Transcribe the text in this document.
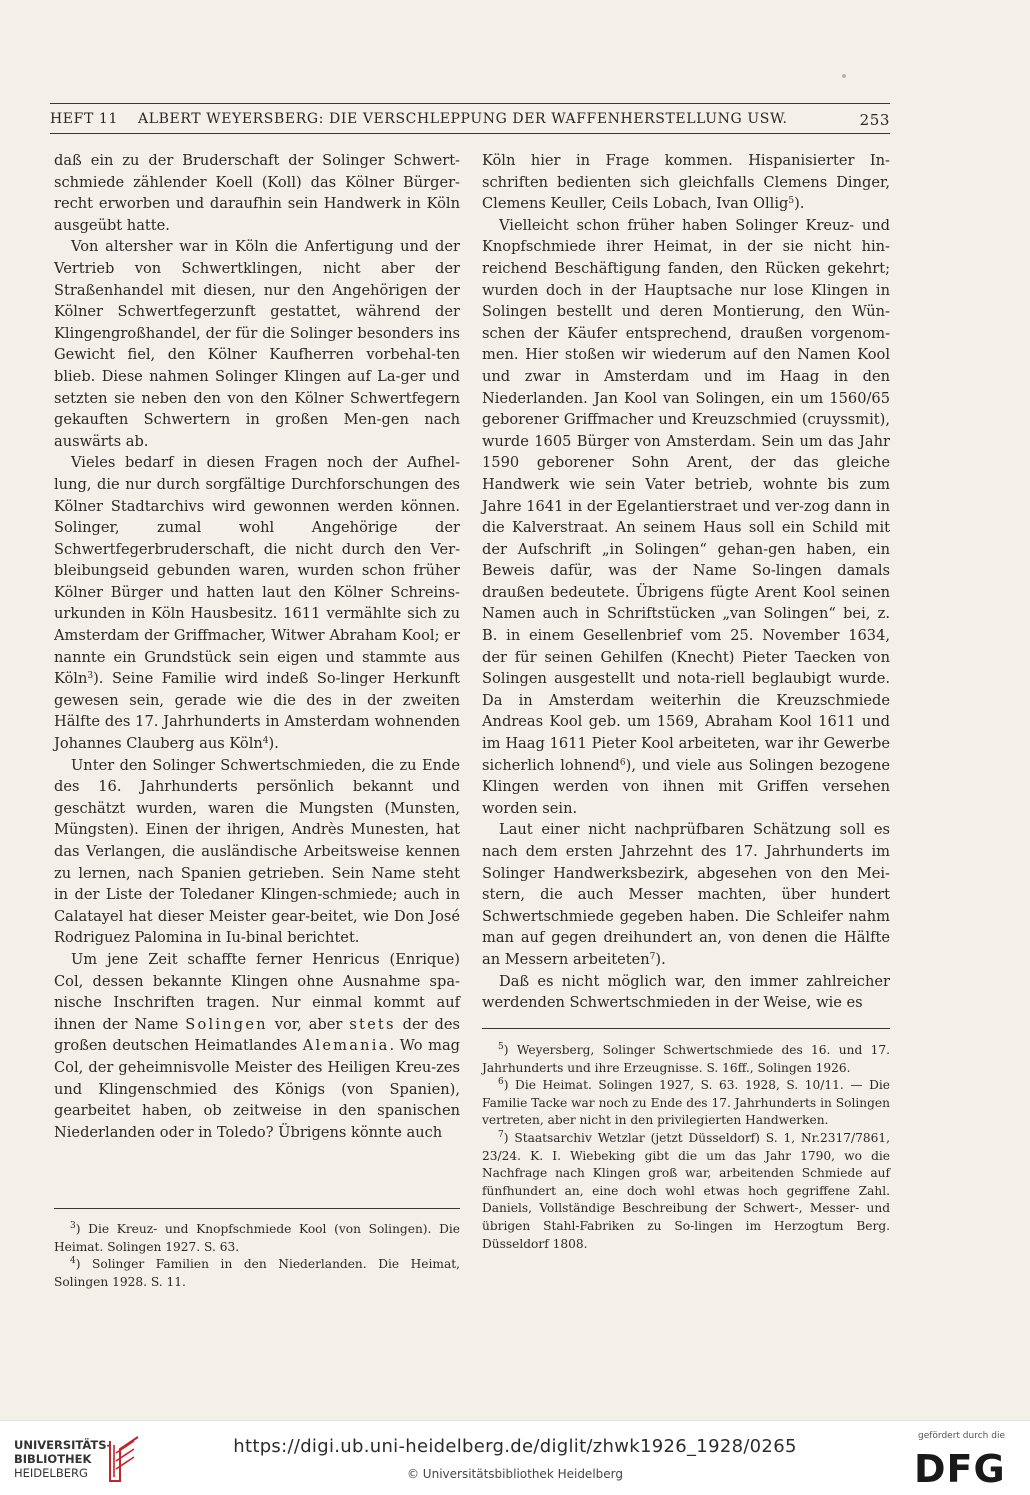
HEFT 11 ALBERT WEYERSBERG: DIE VERSCHLEPPUNG DER WAFFENHERSTELLUNG USW.	253

daß ein zu der Bruderschaft der Solinger Schwert-schmiede zählender Koell (Koll) das Kölner Bürger-recht erworben und daraufhin sein Handwerk in Köln ausgeübt hatte.

Von altersher war in Köln die Anfertigung und der Vertrieb von Schwertklingen, nicht aber der Straßenhandel mit diesen, nur den Angehörigen der Kölner Schwertfegerzunft gestattet, während der Klingengroßhandel, der für die Solinger besonders ins Gewicht fiel, den Kölner Kaufherren vorbehal-ten blieb. Diese nahmen Solinger Klingen auf La-ger und setzten sie neben den von den Kölner Schwertfegern gekauften Schwertern in großen Men-gen nach auswärts ab.

Vieles bedarf in diesen Fragen noch der Aufhel-lung, die nur durch sorgfältige Durchforschungen des Kölner Stadtarchivs wird gewonnen werden können. Solinger, zumal wohl Angehörige der Schwertfegerbruderschaft, die nicht durch den Ver-bleibungseid gebunden waren, wurden schon früher Kölner Bürger und hatten laut den Kölner Schreins-urkunden in Köln Hausbesitz. 1611 vermählte sich zu Amsterdam der Griffmacher, Witwer Abraham Kool; er nannte ein Grundstück sein eigen und stammte aus Köln$^3$). Seine Familie wird indeß So-linger Herkunft gewesen sein, gerade wie die des in der zweiten Hälfte des 17. Jahrhunderts in Amsterdam wohnenden Johannes Clauberg aus Köln$^4$).

Unter den Solinger Schwertschmieden, die zu Ende des 16. Jahrhunderts persönlich bekannt und geschätzt wurden, waren die Mungsten (Munsten, Müngsten). Einen der ihrigen, Andrès Munesten, hat das Verlangen, die ausländische Arbeitsweise kennen zu lernen, nach Spanien getrieben. Sein Name steht in der Liste der Toledaner Klingen-schmiede; auch in Calatayel hat dieser Meister gear-beitet, wie Don José Rodriguez Palomina in Iu-binal berichtet.

Um jene Zeit schaffte ferner Henricus (Enrique) Col, dessen bekannte Klingen ohne Ausnahme spa-nische Inschriften tragen. Nur einmal kommt auf ihnen der Name Solingen vor, aber stets der des großen deutschen Heimatlandes Alemania. Wo mag Col, der geheimnisvolle Meister des Heiligen Kreu-zes und Klingenschmied des Königs (von Spanien), gearbeitet haben, ob zeitweise in den spanischen Niederlanden oder in Toledo? Übrigens könnte auch

Köln hier in Frage kommen. Hispanisierter In-schriften bedienten sich gleichfalls Clemens Dinger, Clemens Keuller, Ceils Lobach, Ivan Ollig$^5$).

Vielleicht schon früher haben Solinger Kreuz- und Knopfschmiede ihrer Heimat, in der sie nicht hin-reichend Beschäftigung fanden, den Rücken gekehrt; wurden doch in der Hauptsache nur lose Klingen in Solingen bestellt und deren Montierung, den Wün-schen der Käufer entsprechend, draußen vorgenom-men. Hier stoßen wir wiederum auf den Namen Kool und zwar in Amsterdam und im Haag in den Niederlanden. Jan Kool van Solingen, ein um 1560/65 geborener Griffmacher und Kreuzschmied (cruyssmit), wurde 1605 Bürger von Amsterdam. Sein um das Jahr 1590 geborener Sohn Arent, der das gleiche Handwerk wie sein Vater betrieb, wohnte bis zum Jahre 1641 in der Egelantierstraet und ver-zog dann in die Kalverstraat. An seinem Haus soll ein Schild mit der Aufschrift „in Solingen“ gehan-gen haben, ein Beweis dafür, was der Name So-lingen damals draußen bedeutete. Übrigens fügte Arent Kool seinen Namen auch in Schriftstücken „van Solingen“ bei, z. B. in einem Gesellenbrief vom 25. November 1634, der für seinen Gehilfen (Knecht) Pieter Taecken von Solingen ausgestellt und nota-riell beglaubigt wurde. Da in Amsterdam weiterhin die Kreuzschmiede Andreas Kool geb. um 1569, Abraham Kool 1611 und im Haag 1611 Pieter Kool arbeiteten, war ihr Gewerbe sicherlich lohnend$^6$), und viele aus Solingen bezogene Klingen werden von ihnen mit Griffen versehen worden sein.

Laut einer nicht nachprüfbaren Schätzung soll es nach dem ersten Jahrzehnt des 17. Jahrhunderts im Solinger Handwerksbezirk, abgesehen von den Mei-stern, die auch Messer machten, über hundert Schwertschmiede gegeben haben. Die Schleifer nahm man auf gegen dreihundert an, von denen die Hälfte an Messern arbeiteten$^7$).

Daß es nicht möglich war, den immer zahlreicher werdenden Schwertschmieden in der Weise, wie es

$^3$) Die Kreuz- und Knopfschmiede Kool (von Solingen). Die Heimat. Solingen 1927. S. 63.

$^4$) Solinger Familien in den Niederlanden. Die Heimat, Solingen 1928. S. 11.

$^5$) Weyersberg, Solinger Schwertschmiede des 16. und 17. Jahrhunderts und ihre Erzeugnisse. S. 16ff., Solingen 1926.

$^6$) Die Heimat. Solingen 1927, S. 63. 1928, S. 10/11. — Die Familie Tacke war noch zu Ende des 17. Jahrhunderts in Solingen vertreten, aber nicht in den privilegierten Handwerken.

$^7$) Staatsarchiv Wetzlar (jetzt Düsseldorf) S. 1, Nr.2317/7861, 23/24. K. I. Wiebeking gibt die um das Jahr 1790, wo die Nachfrage nach Klingen groß war, arbeitenden Schmiede auf fünfhundert an, eine doch wohl etwas hoch gegriffene Zahl. Daniels, Vollständige Beschreibung der Schwert-, Messer- und übrigen Stahl-Fabriken zu So-lingen im Herzogtum Berg. Düsseldorf 1808.

UNIVERSITÄTS-
BIBLIOTHEK
HEIDELBERG
https://digi.ub.uni-heidelberg.de/diglit/zhwk1926_1928/0265
© Universitätsbibliothek Heidelberg
gefördert durch die
DFG
